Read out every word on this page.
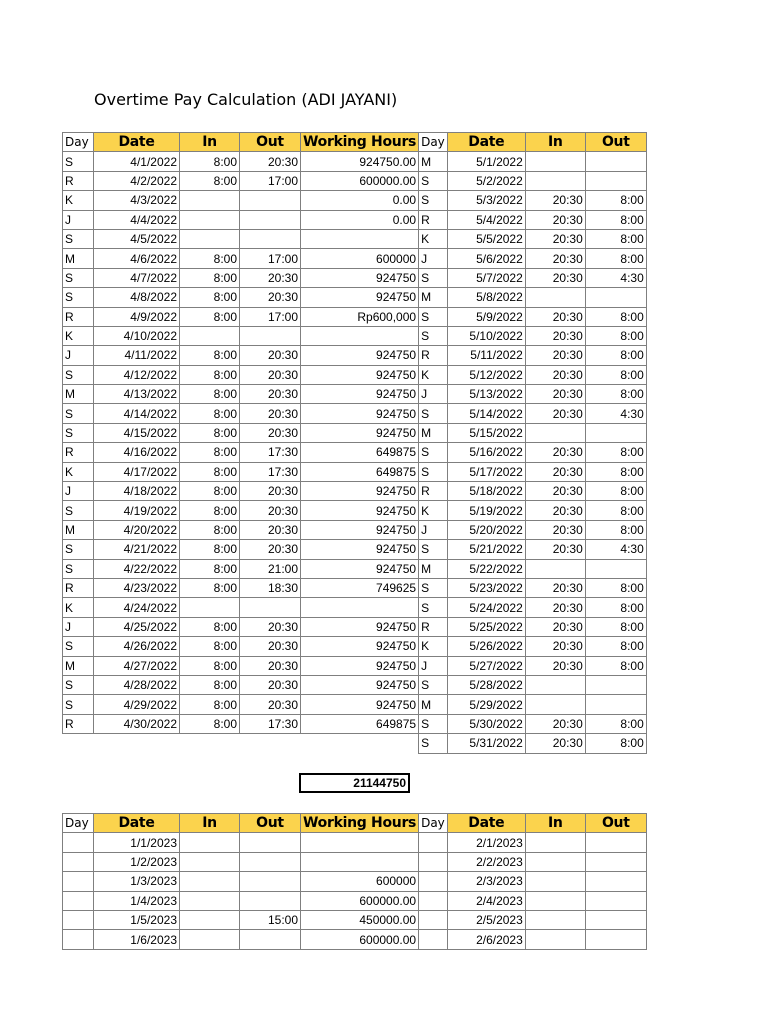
Overtime Pay Calculation (ADI JAYANI)
Day	Date	In	Out	Working Hours	Day	Date	In	Out
S	4/1/2022	8:00	20:30	924750.00	M	5/1/2022		
R	4/2/2022	8:00	17:00	600000.00	S	5/2/2022		
K	4/3/2022			0.00	S	5/3/2022	20:30	8:00
J	4/4/2022			0.00	R	5/4/2022	20:30	8:00
S	4/5/2022				K	5/5/2022	20:30	8:00
M	4/6/2022	8:00	17:00	600000	J	5/6/2022	20:30	8:00
S	4/7/2022	8:00	20:30	924750	S	5/7/2022	20:30	4:30
S	4/8/2022	8:00	20:30	924750	M	5/8/2022		
R	4/9/2022	8:00	17:00	Rp600,000	S	5/9/2022	20:30	8:00
K	4/10/2022				S	5/10/2022	20:30	8:00
J	4/11/2022	8:00	20:30	924750	R	5/11/2022	20:30	8:00
S	4/12/2022	8:00	20:30	924750	K	5/12/2022	20:30	8:00
M	4/13/2022	8:00	20:30	924750	J	5/13/2022	20:30	8:00
S	4/14/2022	8:00	20:30	924750	S	5/14/2022	20:30	4:30
S	4/15/2022	8:00	20:30	924750	M	5/15/2022		
R	4/16/2022	8:00	17:30	649875	S	5/16/2022	20:30	8:00
K	4/17/2022	8:00	17:30	649875	S	5/17/2022	20:30	8:00
J	4/18/2022	8:00	20:30	924750	R	5/18/2022	20:30	8:00
S	4/19/2022	8:00	20:30	924750	K	5/19/2022	20:30	8:00
M	4/20/2022	8:00	20:30	924750	J	5/20/2022	20:30	8:00
S	4/21/2022	8:00	20:30	924750	S	5/21/2022	20:30	4:30
S	4/22/2022	8:00	21:00	924750	M	5/22/2022		
R	4/23/2022	8:00	18:30	749625	S	5/23/2022	20:30	8:00
K	4/24/2022				S	5/24/2022	20:30	8:00
J	4/25/2022	8:00	20:30	924750	R	5/25/2022	20:30	8:00
S	4/26/2022	8:00	20:30	924750	K	5/26/2022	20:30	8:00
M	4/27/2022	8:00	20:30	924750	J	5/27/2022	20:30	8:00
S	4/28/2022	8:00	20:30	924750	S	5/28/2022		
S	4/29/2022	8:00	20:30	924750	M	5/29/2022		
R	4/30/2022	8:00	17:30	649875	S	5/30/2022	20:30	8:00
					S	5/31/2022	20:30	8:00
21144750
Day	Date	In	Out	Working Hours	Day	Date	In	Out
	1/1/2023					2/1/2023		
	1/2/2023					2/2/2023		
	1/3/2023			600000		2/3/2023		
	1/4/2023			600000.00		2/4/2023		
	1/5/2023		15:00	450000.00		2/5/2023		
	1/6/2023			600000.00		2/6/2023		
